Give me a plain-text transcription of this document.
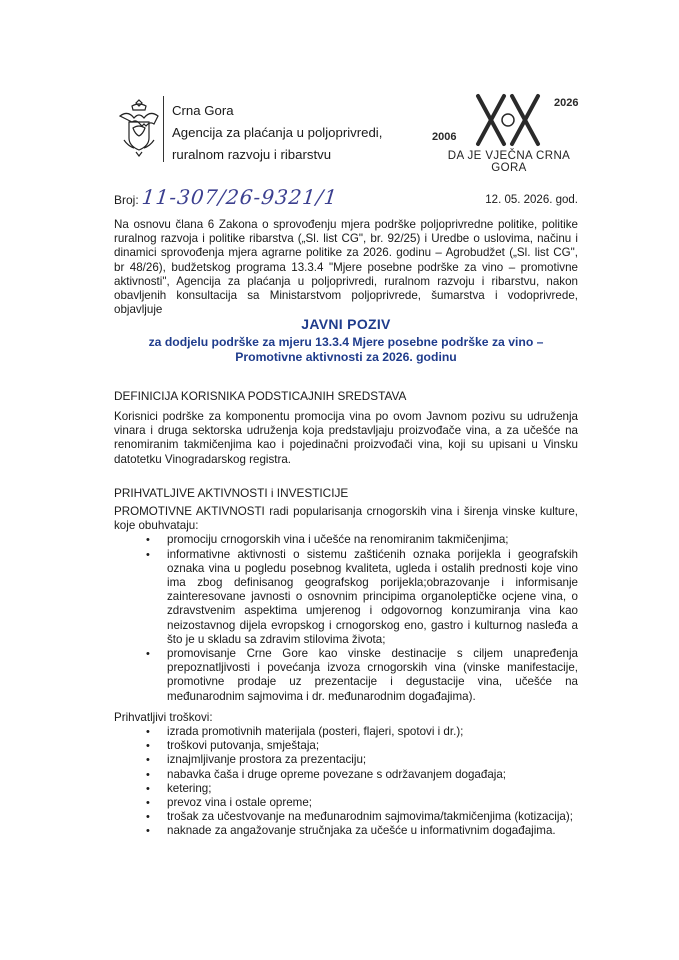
Crna Gora
Agencija za plaćanja u poljoprivredi,
ruralnom razvoju i ribarstvu
2006
2026
DA JE VJEČNA CRNA GORA
Broj: 11-307/26-9321/1	12. 05. 2026. god.
Na osnovu člana 6 Zakona o sprovođenju mjera podrške poljoprivredne politike, politike ruralnog razvoja i politike ribarstva („Sl. list CG", br. 92/25) i Uredbe o uslovima, načinu i dinamici sprovođenja mjera agrarne politike za 2026. godinu – Agrobudžet („Sl. list CG", br 48/26), budžetskog programa 13.3.4 "Mjere posebne podrške za vino – promotivne aktivnosti", Agencija za plaćanja u poljoprivredi, ruralnom razvoju i ribarstvu, nakon obavljenih konsultacija sa Ministarstvom poljoprivrede, šumarstva i vodoprivrede, objavljuje
JAVNI POZIV
za dodjelu podrške za mjeru 13.3.4 Mjere posebne podrške za vino – Promotivne aktivnosti za 2026. godinu
DEFINICIJA KORISNIKA PODSTICAJNIH SREDSTAVA
Korisnici podrške za komponentu promocija vina po ovom Javnom pozivu su udruženja vinara i druga sektorska udruženja koja predstavljaju proizvođače vina, a za učešće na renomiranim takmičenjima kao i pojedinačni proizvođači vina, koji su upisani u Vinsku datotetku Vinogradarskog registra.
PRIHVATLJIVE AKTIVNOSTI i INVESTICIJE
PROMOTIVNE AKTIVNOSTI radi popularisanja crnogorskih vina i širenja vinske kulture, koje obuhvataju:
• promociju crnogorskih vina i učešće na renomiranim takmičenjima;
• informativne aktivnosti o sistemu zaštićenih oznaka porijekla i geografskih oznaka vina u pogledu posebnog kvaliteta, ugleda i ostalih prednosti koje vino ima zbog definisanog geografskog porijekla;obrazovanje i informisanje zainteresovane javnosti o osnovnim principima organoleptičke ocjene vina, o zdravstvenim aspektima umjerenog i odgovornog konzumiranja vina kao neizostavnog dijela evropskog i crnogorskog eno, gastro i kulturnog nasleđa a što je u skladu sa zdravim stilovima života;
• promovisanje Crne Gore kao vinske destinacije s ciljem unapređenja prepoznatljivosti i povećanja izvoza crnogorskih vina (vinske manifestacije, promotivne prodaje uz prezentacije i degustacije vina, učešće na međunarodnim sajmovima i dr. međunarodnim događajima).
Prihvatljivi troškovi:
• izrada promotivnih materijala (posteri, flajeri, spotovi i dr.);
• troškovi putovanja, smještaja;
• iznajmljivanje prostora za prezentaciju;
• nabavka čaša i druge opreme povezane s održavanjem događaja;
• ketering;
• prevoz vina i ostale opreme;
• trošak za učestvovanje na međunarodnim sajmovima/takmičenjima (kotizacija);
• naknade za angažovanje stručnjaka za učešće u informativnim događajima.
